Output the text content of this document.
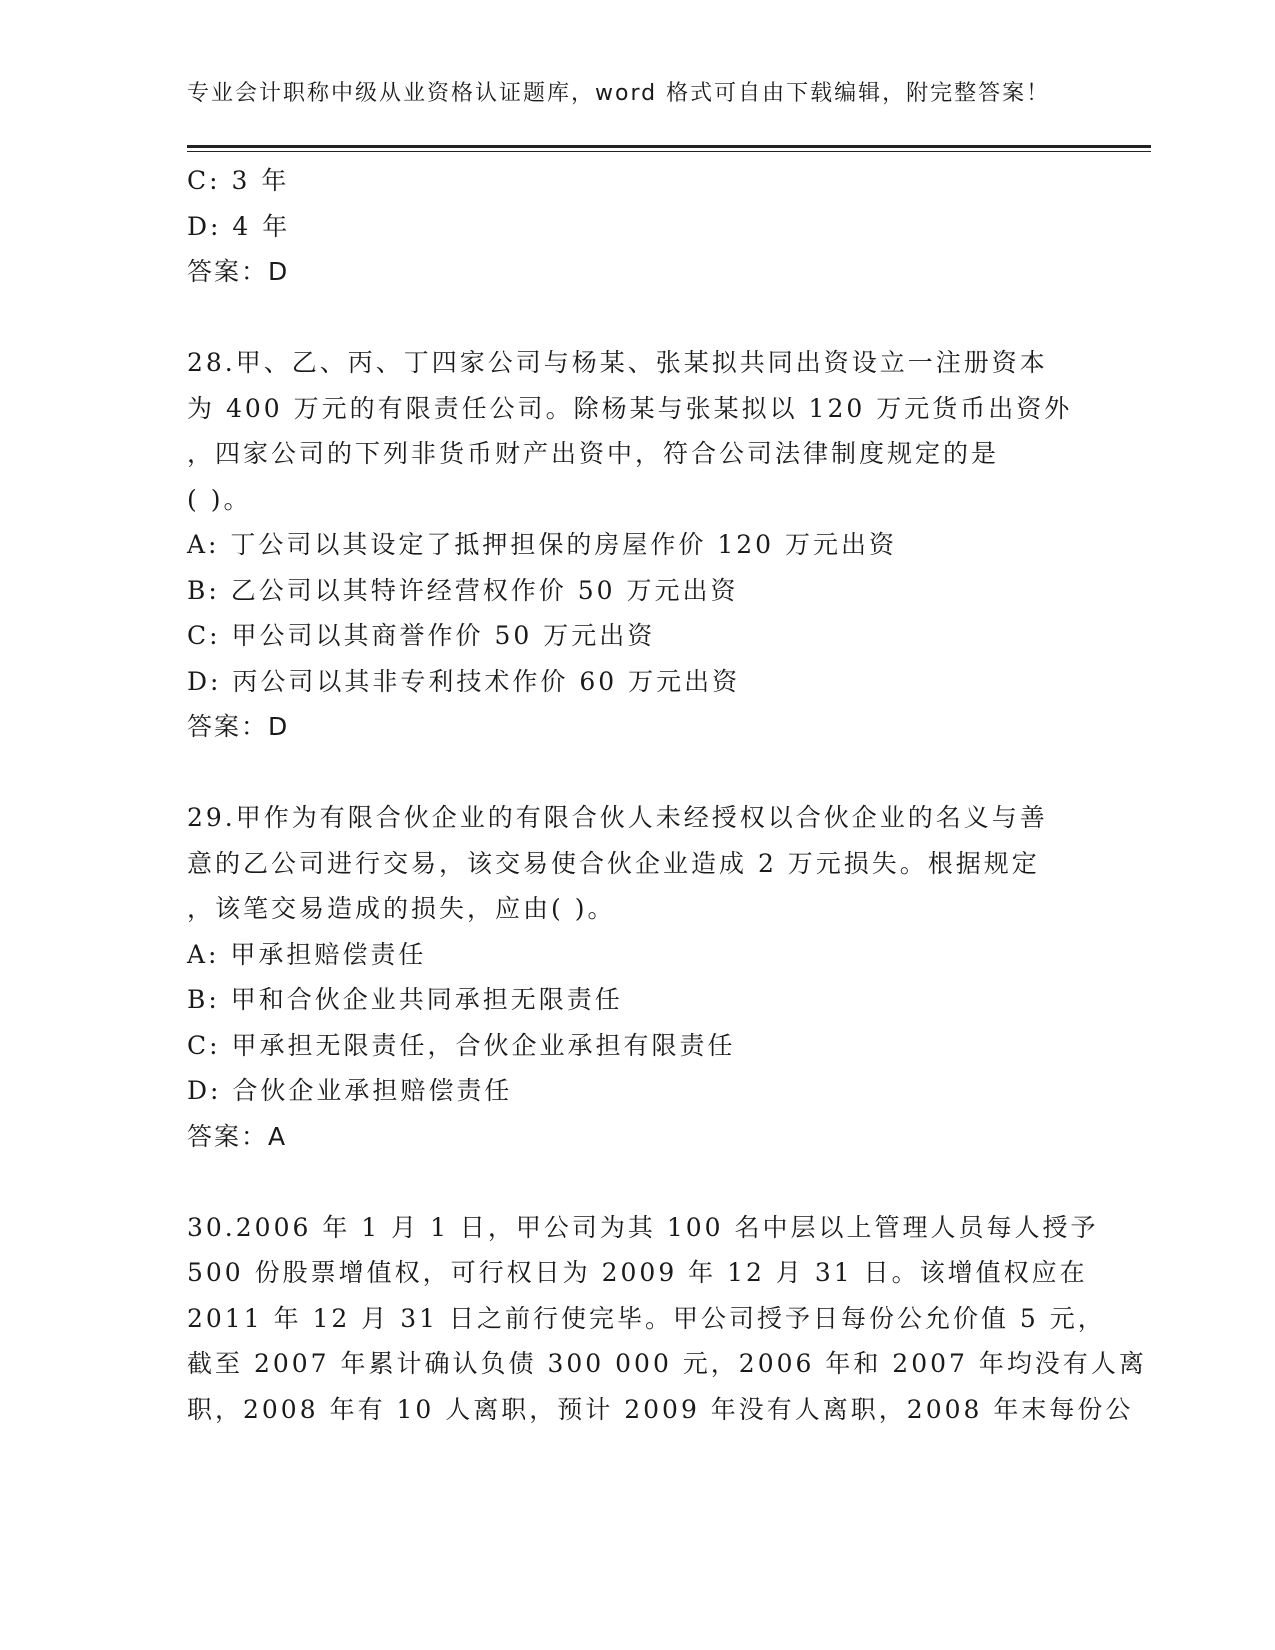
专业会计职称中级从业资格认证题库，word 格式可自由下载编辑，附完整答案！
C: 3 年
D: 4 年
答案：D
28.甲、乙、丙、丁四家公司与杨某、张某拟共同出资设立一注册资本
为 400 万元的有限责任公司。除杨某与张某拟以 120 万元货币出资外
，四家公司的下列非货币财产出资中，符合公司法律制度规定的是
( )。
A: 丁公司以其设定了抵押担保的房屋作价 120 万元出资
B: 乙公司以其特许经营权作价 50 万元出资
C: 甲公司以其商誉作价 50 万元出资
D: 丙公司以其非专利技术作价 60 万元出资
答案：D
29.甲作为有限合伙企业的有限合伙人未经授权以合伙企业的名义与善
意的乙公司进行交易，该交易使合伙企业造成 2 万元损失。根据规定
，该笔交易造成的损失，应由( )。
A: 甲承担赔偿责任
B: 甲和合伙企业共同承担无限责任
C: 甲承担无限责任，合伙企业承担有限责任
D: 合伙企业承担赔偿责任
答案：A
30.2006 年 1 月 1 日，甲公司为其 100 名中层以上管理人员每人授予
500 份股票增值权，可行权日为 2009 年 12 月 31 日。该增值权应在
2011 年 12 月 31 日之前行使完毕。甲公司授予日每份公允价值 5 元，
截至 2007 年累计确认负债 300 000 元，2006 年和 2007 年均没有人离
职，2008 年有 10 人离职，预计 2009 年没有人离职，2008 年末每份公
